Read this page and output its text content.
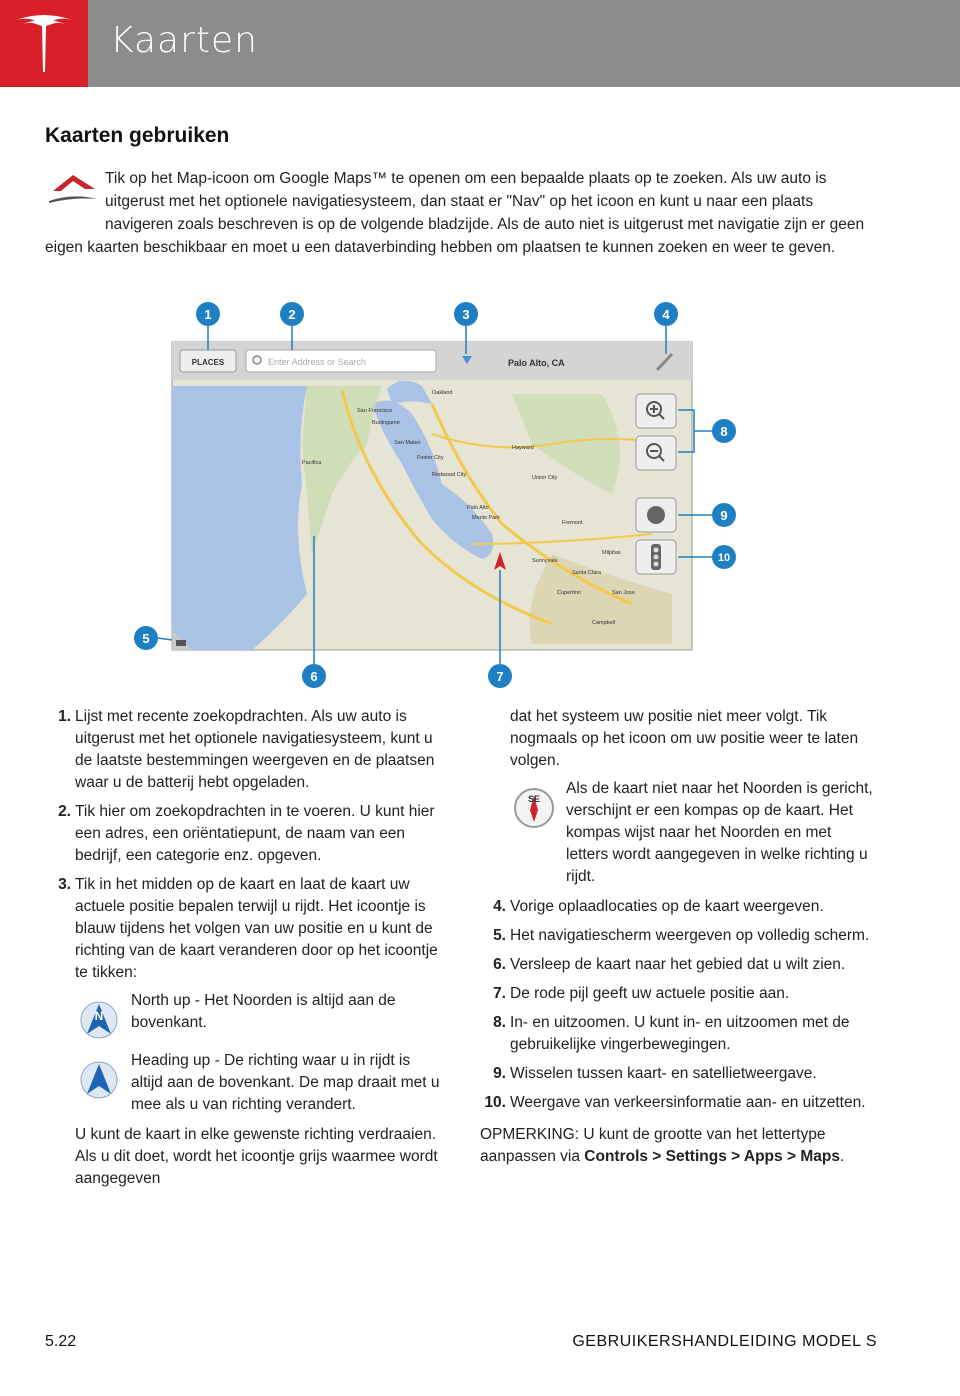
Kaarten
Kaarten gebruiken
Tik op het Map-icoon om Google Maps™ te openen om een bepaalde plaats op te zoeken. Als uw auto is uitgerust met het optionele navigatiesysteem, dan staat er "Nav" op het icoon en kunt u naar een plaats navigeren zoals beschreven is op de volgende bladzijde. Als de auto niet is uitgerust met navigatie zijn er geen eigen kaarten beschikbaar en moet u een dataverbinding hebben om plaatsen te kunnen zoeken en weer te geven.
PLACES	Enter Address or Search	Palo Alto, CA
1	2	3	4
5
6	7
8
9
10
San Francisco
Oakland
Hayward
Palo Alto
San Jose
Fremont
Redwood City
San Mateo
Santa Clara
Sunnyvale
Milpitas
Union City
Pacifica
Burlingame
Foster City
Menlo Park
Cupertino
Campbell
1. Lijst met recente zoekopdrachten. Als uw auto is uitgerust met het optionele navigatiesysteem, kunt u de laatste bestemmingen weergeven en de plaatsen waar u de batterij hebt opgeladen.
2. Tik hier om zoekopdrachten in te voeren. U kunt hier een adres, een oriëntatiepunt, de naam van een bedrijf, een categorie enz. opgeven.
3. Tik in het midden op de kaart en laat de kaart uw actuele positie bepalen terwijl u rijdt. Het icoontje is blauw tijdens het volgen van uw positie en u kunt de richting van de kaart veranderen door op het icoontje te tikken:
N
North up - Het Noorden is altijd aan de bovenkant.
Heading up - De richting waar u in rijdt is altijd aan de bovenkant. De map draait met u mee als u van richting verandert.
U kunt de kaart in elke gewenste richting verdraaien. Als u dit doet, wordt het icoontje grijs waarmee wordt aangegeven
dat het systeem uw positie niet meer volgt. Tik nogmaals op het icoon om uw positie weer te laten volgen.
SE
Als de kaart niet naar het Noorden is gericht, verschijnt er een kompas op de kaart. Het kompas wijst naar het Noorden en met letters wordt aangegeven in welke richting u rijdt.
4. Vorige oplaadlocaties op de kaart weergeven.
5. Het navigatiescherm weergeven op volledig scherm.
6. Versleep de kaart naar het gebied dat u wilt zien.
7. De rode pijl geeft uw actuele positie aan.
8. In- en uitzoomen. U kunt in- en uitzoomen met de gebruikelijke vingerbewegingen.
9. Wisselen tussen kaart- en satellietweergave.
10. Weergave van verkeersinformatie aan- en uitzetten.
OPMERKING: U kunt de grootte van het lettertype aanpassen via Controls > Settings > Apps > Maps.
5.22	GEBRUIKERSHANDLEIDING MODEL S
